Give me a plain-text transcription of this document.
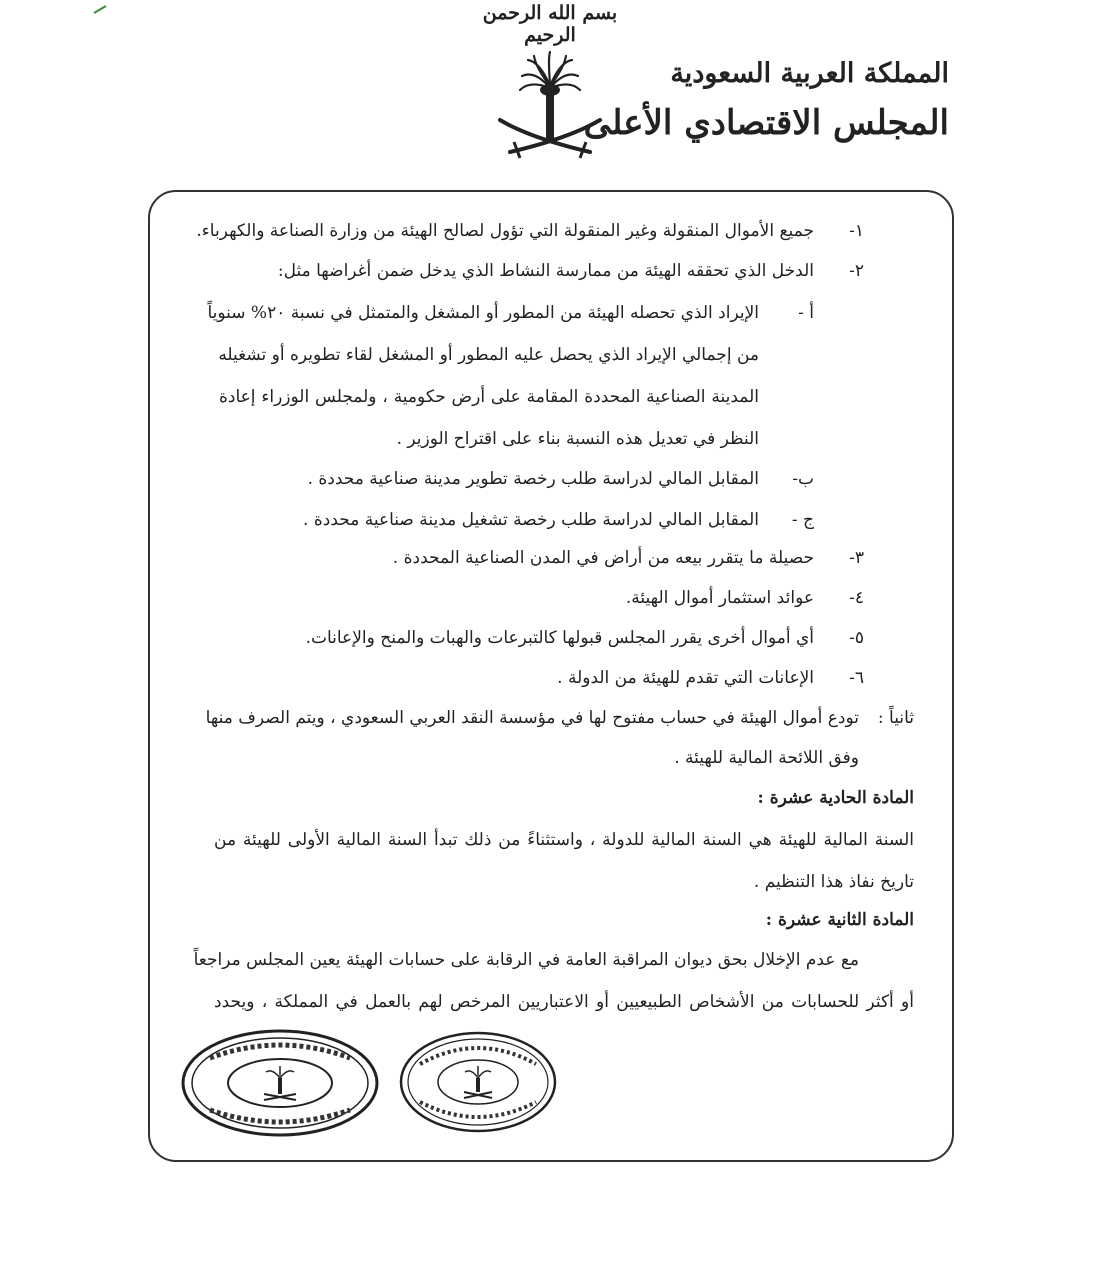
بسم الله الرحمن الرحيم
المملكة العربية السعودية
المجلس الاقتصادي الأعلى
١-
جميع الأموال المنقولة وغير المنقولة التي تؤول لصالح الهيئة من وزارة الصناعة والكهرباء.
٢-
الدخل الذي تحققه الهيئة من ممارسة النشاط الذي يدخل ضمن أغراضها مثل:
أ -
الإيراد الذي تحصله الهيئة من المطور أو المشغل والمتمثل في نسبة ٢٠% سنوياً
من إجمالي الإيراد الذي يحصل عليه المطور أو المشغل لقاء تطويره أو تشغيله
المدينة الصناعية المحددة المقامة على أرض حكومية ، ولمجلس الوزراء إعادة
النظر في تعديل هذه النسبة بناء على اقتراح الوزير .
ب-
المقابل المالي لدراسة طلب رخصة تطوير مدينة صناعية محددة .
ج -
المقابل المالي لدراسة طلب رخصة تشغيل مدينة صناعية محددة .
٣-
حصيلة ما يتقرر بيعه من أراض في المدن الصناعية المحددة .
٤-
عوائد استثمار أموال الهيئة.
٥-
أي أموال أخرى يقرر المجلس قبولها كالتبرعات والهبات والمنح والإعانات.
٦-
الإعانات التي تقدم للهيئة من الدولة .
ثانياً :
تودع أموال الهيئة في حساب مفتوح لها في مؤسسة النقد العربي السعودي ، ويتم الصرف منها
وفق اللائحة المالية للهيئة .
المادة الحادية عشرة :
السنة المالية للهيئة هي السنة المالية للدولة ، واستثناءً من ذلك تبدأ السنة المالية الأولى للهيئة من
تاريخ نفاذ هذا التنظيم .
المادة الثانية عشرة :
مع عدم الإخلال بحق ديوان المراقبة العامة في الرقابة على حسابات الهيئة يعين المجلس مراجعاً
أو أكثر للحسابات من الأشخاص الطبيعيين أو الاعتباريين المرخص لهم بالعمل في المملكة ، ويحدد
